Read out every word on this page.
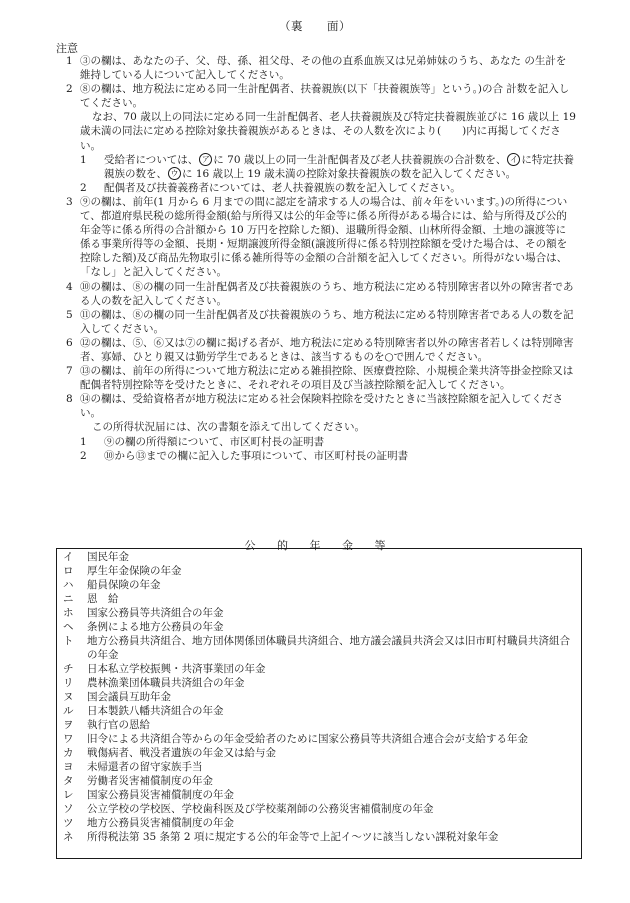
（裏　　面）
注意
1 ③の欄は、あなたの子、父、母、孫、祖父母、その他の直系血族又は兄弟姉妹のうち、あなた の生計を維持している人について記入してください。
2 ⑧の欄は、地方税法に定める同一生計配偶者、扶養親族(以下「扶養親族等」という。)の合 計数を記入してください。
なお、70 歳以上の同法に定める同一生計配偶者、老人扶養親族及び特定扶養親族並びに 16 歳以上 19 歳未満の同法に定める控除対象扶養親族があるときは、その人数を次により(　　)内に再掲してください。
1 受給者については、 ア に 70 歳以上の同一生計配偶者及び老人扶養親族の合計数を、 イ に特定扶養親族の数を、 ウ に 16 歳以上 19 歳未満の控除対象扶養親族の数を記入してください。
2 配偶者及び扶養義務者については、老人扶養親族の数を記入してください。
3 ⑨の欄は、前年(1 月から 6 月までの間に認定を請求する人の場合は、前々年をいいます。)の所得について、都道府県民税の総所得金額(給与所得又は公的年金等に係る所得がある場合には、給与所得及び公的年金等に係る所得の合計額から 10 万円を控除した額)、退職所得金額、山林所得金額、土地の譲渡等に係る事業所得等の金額、長期・短期譲渡所得金額(譲渡所得に係る特別控除額を受けた場合は、その額を控除した額)及び商品先物取引に係る雑所得等の金額の合計額を記入してください。所得がない場合は、「なし」と記入してください。
4 ⑩の欄は、⑧の欄の同一生計配偶者及び扶養親族のうち、地方税法に定める特別障害者以外の障害者である人の数を記入してください。
5 ⑪の欄は、⑧の欄の同一生計配偶者及び扶養親族のうち、地方税法に定める特別障害者である人の数を記入してください。
6 ⑫の欄は、⑤、⑥又は⑦の欄に掲げる者が、地方税法に定める特別障害者以外の障害者若しくは特別障害者、寡婦、ひとり親又は勤労学生であるときは、該当するものを○で囲んでください。
7 ⑬の欄は、前年の所得について地方税法に定める雑損控除、医療費控除、小規模企業共済等掛金控除又は配偶者特別控除等を受けたときに、それぞれその項目及び当該控除額を記入してください。
8 ⑭の欄は、受給資格者が地方税法に定める社会保険料控除を受けたときに当該控除額を記入してください。
この所得状況届には、次の書類を添えて出してください。
1 ⑨の欄の所得額について、市区町村長の証明書
2 ⑩から⑬までの欄に記入した事項について、市区町村長の証明書
公 的 年 金 等
イ	国民年金
ロ	厚生年金保険の年金
ハ	船員保険の年金
ニ	恩　給
ホ	国家公務員等共済組合の年金
ヘ	条例による地方公務員の年金
ト	地方公務員共済組合、地方団体関係団体職員共済組合、地方議会議員共済会又は旧市町村職員共済組合の年金
チ	日本私立学校振興・共済事業団の年金
リ	農林漁業団体職員共済組合の年金
ヌ	国会議員互助年金
ル	日本製鉄八幡共済組合の年金
ヲ	執行官の恩給
ワ	旧令による共済組合等からの年金受給者のために国家公務員等共済組合連合会が支給する年金
カ	戦傷病者、戦没者遺族の年金又は給与金
ヨ	未帰還者の留守家族手当
タ	労働者災害補償制度の年金
レ	国家公務員災害補償制度の年金
ソ	公立学校の学校医、学校歯科医及び学校薬剤師の公務災害補償制度の年金
ツ	地方公務員災害補償制度の年金
ネ	所得税法第 35 条第 2 項に規定する公的年金等で上記イ～ツに該当しない課税対象年金
